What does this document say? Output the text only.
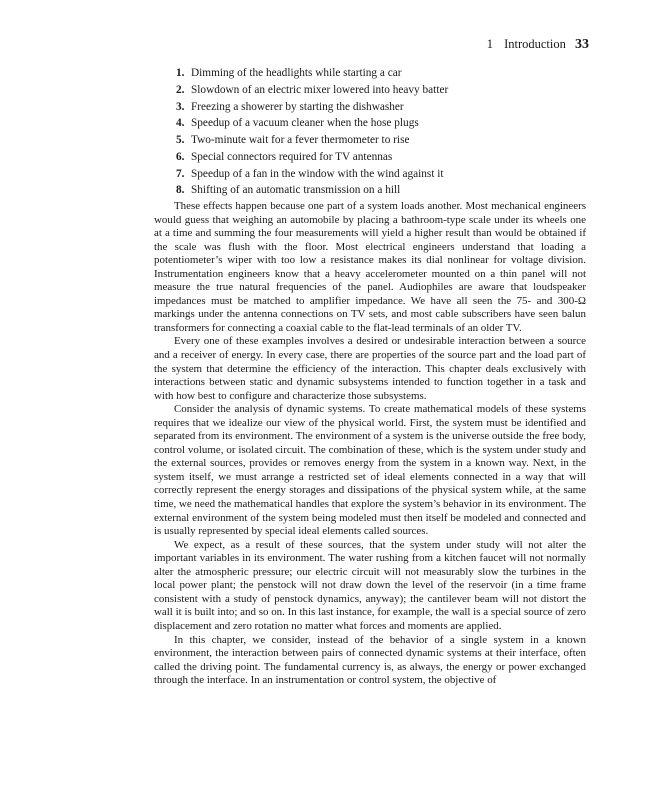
1 Introduction 33
1. Dimming of the headlights while starting a car
2. Slowdown of an electric mixer lowered into heavy batter
3. Freezing a showerer by starting the dishwasher
4. Speedup of a vacuum cleaner when the hose plugs
5. Two-minute wait for a fever thermometer to rise
6. Special connectors required for TV antennas
7. Speedup of a fan in the window with the wind against it
8. Shifting of an automatic transmission on a hill

These effects happen because one part of a system loads another. Most mechanical engineers would guess that weighing an automobile by placing a bathroom-type scale under its wheels one at a time and summing the four measurements will yield a higher result than would be obtained if the scale was flush with the floor. Most electrical engineers understand that loading a potentiometer’s wiper with too low a resistance makes its dial nonlinear for voltage division. Instrumentation engineers know that a heavy accelerometer mounted on a thin panel will not measure the true natural frequencies of the panel. Audiophiles are aware that loudspeaker impedances must be matched to amplifier impedance. We have all seen the 75- and 300-Ω markings under the antenna connections on TV sets, and most cable subscribers have seen balun transformers for connecting a coaxial cable to the flat-lead terminals of an older TV.

Every one of these examples involves a desired or undesirable interaction between a source and a receiver of energy. In every case, there are properties of the source part and the load part of the system that determine the efficiency of the interaction. This chapter deals exclusively with interactions between static and dynamic subsystems intended to function together in a task and with how best to configure and characterize those subsystems.

Consider the analysis of dynamic systems. To create mathematical models of these systems requires that we idealize our view of the physical world. First, the system must be identified and separated from its environment. The environment of a system is the universe outside the free body, control volume, or isolated circuit. The combination of these, which is the system under study and the external sources, provides or removes energy from the system in a known way. Next, in the system itself, we must arrange a restricted set of ideal elements connected in a way that will correctly represent the energy storages and dissipations of the physical system while, at the same time, we need the mathematical handles that explore the system’s behavior in its environment. The external environment of the system being modeled must then itself be modeled and connected and is usually represented by special ideal elements called sources.

We expect, as a result of these sources, that the system under study will not alter the important variables in its environment. The water rushing from a kitchen faucet will not normally alter the atmospheric pressure; our electric circuit will not measurably slow the turbines in the local power plant; the penstock will not draw down the level of the reservoir (in a time frame consistent with a study of penstock dynamics, anyway); the cantilever beam will not distort the wall it is built into; and so on. In this last instance, for example, the wall is a special source of zero displacement and zero rotation no matter what forces and moments are applied.

In this chapter, we consider, instead of the behavior of a single system in a known environment, the interaction between pairs of connected dynamic systems at their interface, often called the driving point. The fundamental currency is, as always, the energy or power exchanged through the interface. In an instrumentation or control system, the objective of
